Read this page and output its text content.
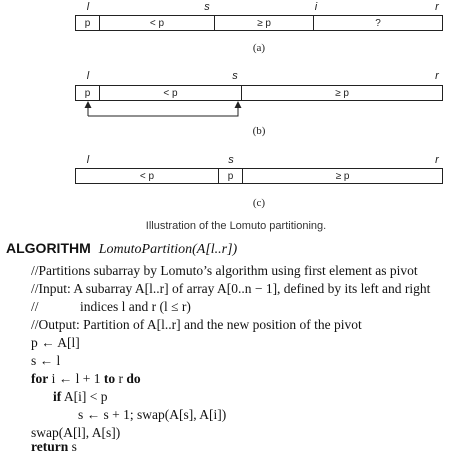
l	s	i	r
p	< p	≥ p	?
(a)
l	s	r
p	< p	≥ p
(b)
l	s	r
< p	p	≥ p
(c)
Illustration of the Lomuto partitioning.
ALGORITHM LomutoPartition(A[l..r])
//Partitions subarray by Lomuto’s algorithm using first element as pivot
//Input: A subarray A[l..r] of array A[0..n − 1], defined by its left and right
//	indices l and r (l ≤ r)
//Output: Partition of A[l..r] and the new position of the pivot
p ← A[l]
s ← l
for i ← l + 1 to r do
if A[i] < p
s ← s + 1; swap(A[s], A[i])
swap(A[l], A[s])
return s
